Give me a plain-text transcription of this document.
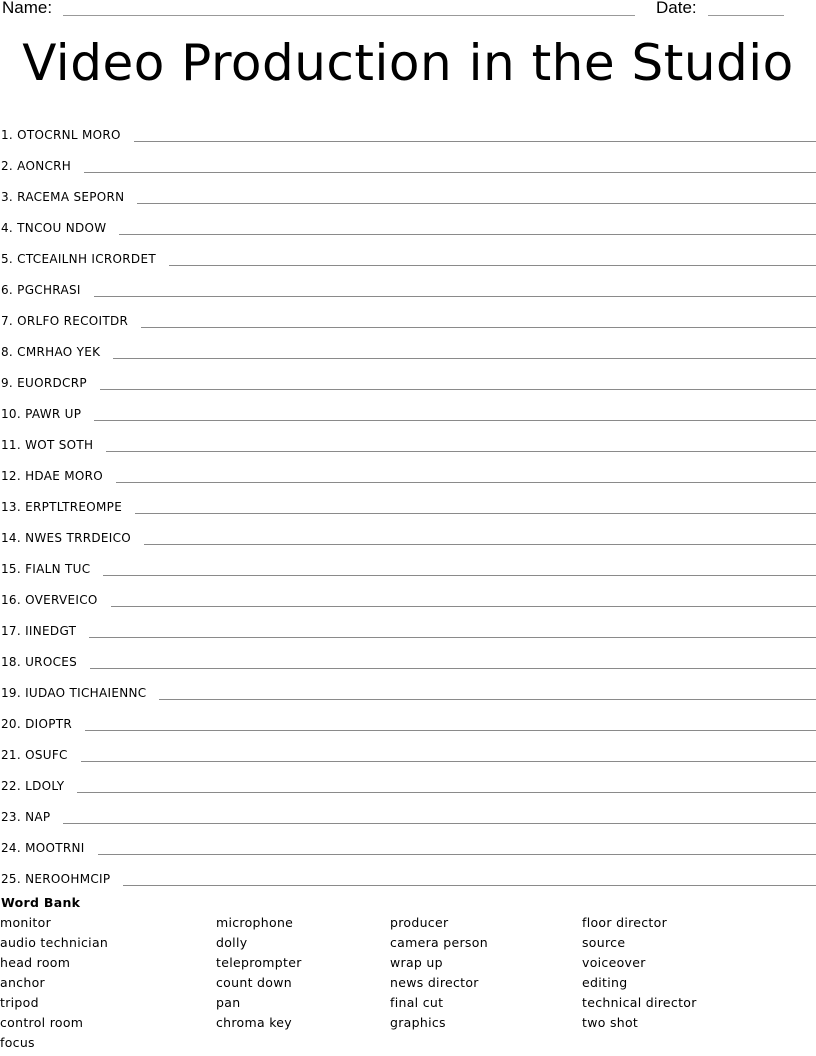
Name:	Date:
Video Production in the Studio
1. OTOCRNL MORO
2. AONCRH
3. RACEMA SEPORN
4. TNCOU NDOW
5. CTCEAILNH ICRORDET
6. PGCHRASI
7. ORLFO RECOITDR
8. CMRHAO YEK
9. EUORDCRP
10. PAWR UP
11. WOT SOTH
12. HDAE MORO
13. ERPTLTREOMPE
14. NWES TRRDEICO
15. FIALN TUC
16. OVERVEICO
17. IINEDGT
18. UROCES
19. IUDAO TICHAIENNC
20. DIOPTR
21. OSUFC
22. LDOLY
23. NAP
24. MOOTRNI
25. NEROOHMCIP
Word Bank
monitor
audio technician
head room
anchor
tripod
control room
focus
microphone
dolly
teleprompter
count down
pan
chroma key
producer
camera person
wrap up
news director
final cut
graphics
floor director
source
voiceover
editing
technical director
two shot
